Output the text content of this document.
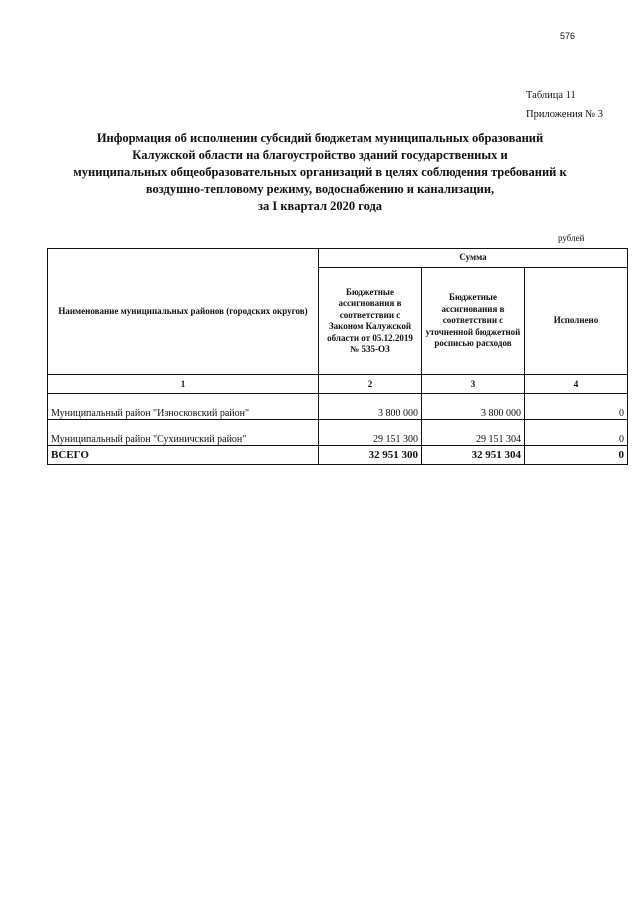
576
Таблица 11
Приложения № 3
Информация об исполнении субсидий бюджетам муниципальных образований
Калужской области на благоустройство зданий государственных и
муниципальных общеобразовательных организаций в целях соблюдения требований к
воздушно-тепловому режиму, водоснабжению и канализации,
за I квартал 2020 года
рублей
Наименование муниципальных районов (городских округов)	Сумма		
	Бюджетные ассигнования в соответствии с Законом Калужской области от 05.12.2019 № 535-ОЗ	Бюджетные ассигнования в соответствии с уточненной бюджетной росписью расходов	Исполнено
1	2	3	4
Муниципальный район "Износковский район"	3 800 000	3 800 000	0
Муниципальный район "Сухиничский район"	29 151 300	29 151 304	0
ВСЕГО	32 951 300	32 951 304	0
